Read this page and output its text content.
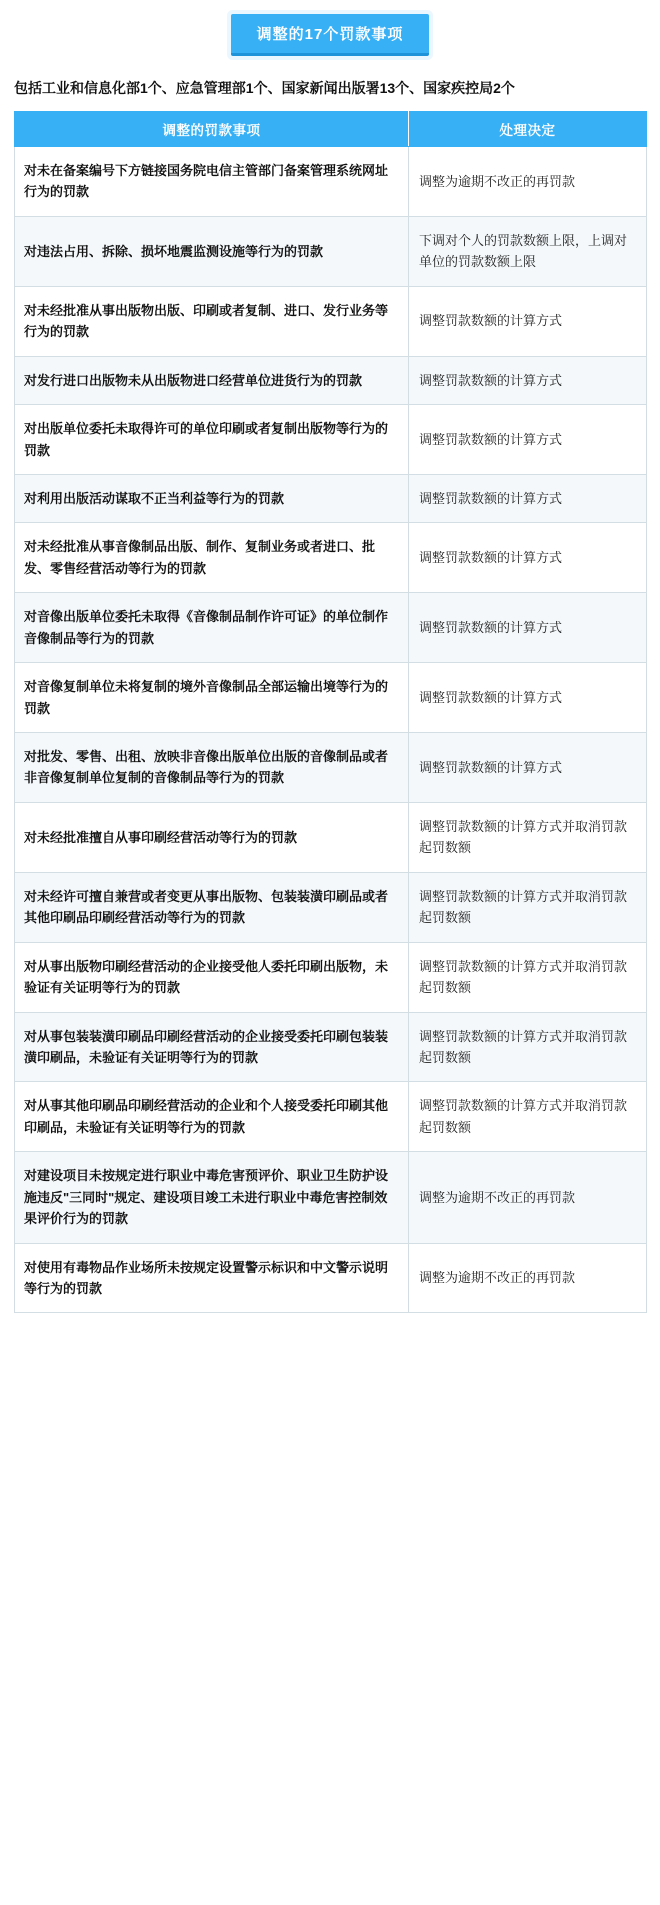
调整的17个罚款事项
包括工业和信息化部1个、应急管理部1个、国家新闻出版署13个、国家疾控局2个
调整的罚款事项	处理决定
对未在备案编号下方链接国务院电信主管部门备案管理系统网址行为的罚款	调整为逾期不改正的再罚款
对违法占用、拆除、损坏地震监测设施等行为的罚款	下调对个人的罚款数额上限，上调对单位的罚款数额上限
对未经批准从事出版物出版、印刷或者复制、进口、发行业务等行为的罚款	调整罚款数额的计算方式
对发行进口出版物未从出版物进口经营单位进货行为的罚款	调整罚款数额的计算方式
对出版单位委托未取得许可的单位印刷或者复制出版物等行为的罚款	调整罚款数额的计算方式
对利用出版活动谋取不正当利益等行为的罚款	调整罚款数额的计算方式
对未经批准从事音像制品出版、制作、复制业务或者进口、批发、零售经营活动等行为的罚款	调整罚款数额的计算方式
对音像出版单位委托未取得《音像制品制作许可证》的单位制作音像制品等行为的罚款	调整罚款数额的计算方式
对音像复制单位未将复制的境外音像制品全部运输出境等行为的罚款	调整罚款数额的计算方式
对批发、零售、出租、放映非音像出版单位出版的音像制品或者非音像复制单位复制的音像制品等行为的罚款	调整罚款数额的计算方式
对未经批准擅自从事印刷经营活动等行为的罚款	调整罚款数额的计算方式并取消罚款起罚数额
对未经许可擅自兼营或者变更从事出版物、包装装潢印刷品或者其他印刷品印刷经营活动等行为的罚款	调整罚款数额的计算方式并取消罚款起罚数额
对从事出版物印刷经营活动的企业接受他人委托印刷出版物，未验证有关证明等行为的罚款	调整罚款数额的计算方式并取消罚款起罚数额
对从事包装装潢印刷品印刷经营活动的企业接受委托印刷包装装潢印刷品，未验证有关证明等行为的罚款	调整罚款数额的计算方式并取消罚款起罚数额
对从事其他印刷品印刷经营活动的企业和个人接受委托印刷其他印刷品，未验证有关证明等行为的罚款	调整罚款数额的计算方式并取消罚款起罚数额
对建设项目未按规定进行职业中毒危害预评价、职业卫生防护设施违反"三同时"规定、建设项目竣工未进行职业中毒危害控制效果评价行为的罚款	调整为逾期不改正的再罚款
对使用有毒物品作业场所未按规定设置警示标识和中文警示说明等行为的罚款	调整为逾期不改正的再罚款
